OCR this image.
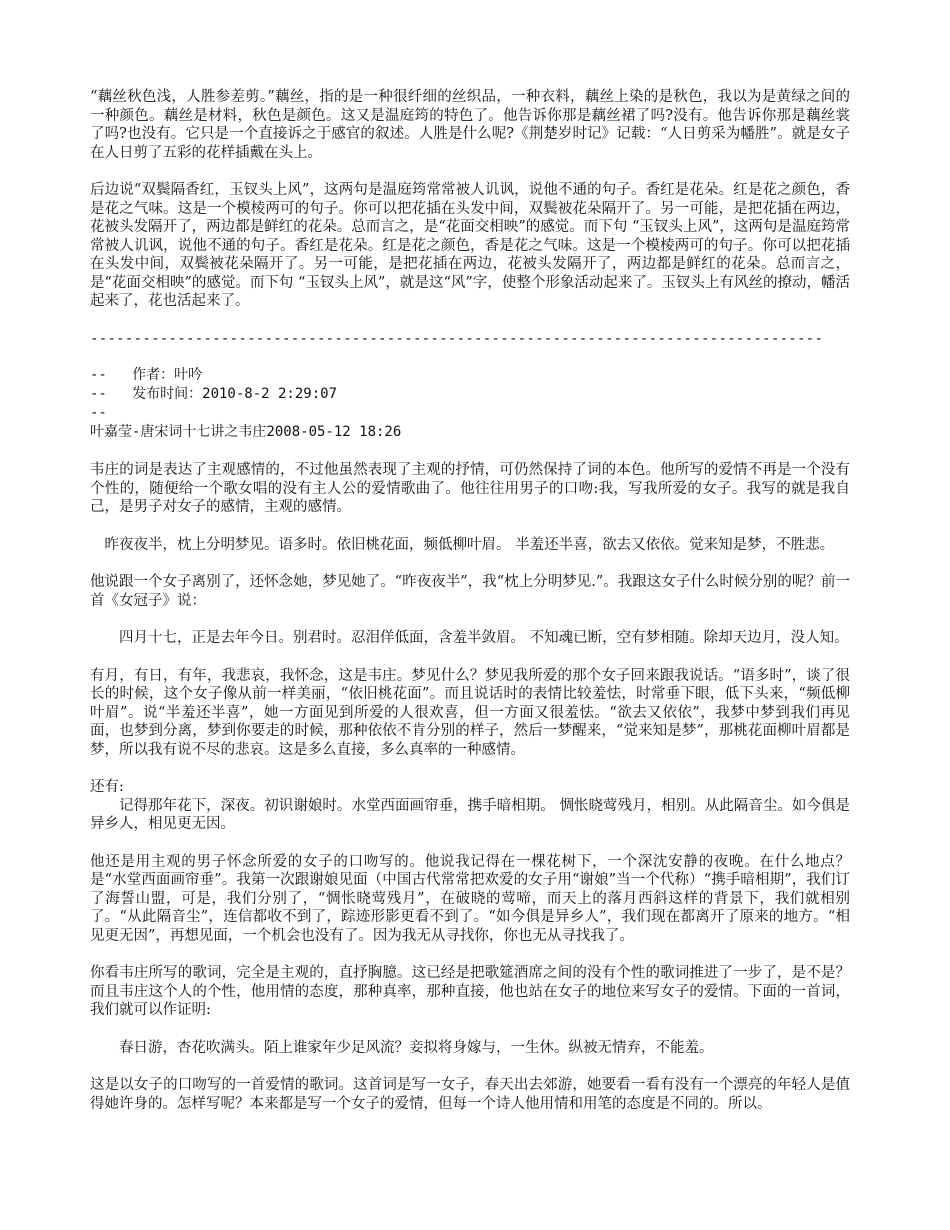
“藕丝秋色浅，人胜参差剪。”藕丝，指的是一种很纤细的丝织品，一种衣料，藕丝上染的是秋色，我以为是黄绿之间的一种颜色。藕丝是材料，秋色是颜色。这又是温庭筠的特色了。他告诉你那是藕丝裙了吗?没有。他告诉你那是藕丝裳了吗?也没有。它只是一个直接诉之于感官的叙述。人胜是什么呢?《荆楚岁时记》记载：“人日剪采为幡胜”。就是女子在人日剪了五彩的花样插戴在头上。

后边说“双鬓隔香红，玉钗头上风”，这两句是温庭筠常常被人讥讽，说他不通的句子。香红是花朵。红是花之颜色，香是花之气味。这是一个模棱两可的句子。你可以把花插在头发中间，双鬓被花朵隔开了。另一可能，是把花插在两边，花被头发隔开了，两边都是鲜红的花朵。总而言之，是“花面交相映”的感觉。而下句 “玉钗头上风”，这两句是温庭筠常常被人讥讽，说他不通的句子。香红是花朵。红是花之颜色，香是花之气味。这是一个模棱两可的句子。你可以把花插在头发中间，双鬓被花朵隔开了。另一可能，是把花插在两边，花被头发隔开了，两边都是鲜红的花朵。总而言之，是“花面交相映”的感觉。而下句 “玉钗头上风”，就是这“风”字，使整个形象活动起来了。玉钗头上有风丝的撩动，幡活起来了，花也活起来了。

------------------------------------------------------------------------------------
--   作者：叶吟
--   发布时间：2010-8-2 2:29:07
--
叶嘉莹-唐宋词十七讲之韦庄2008-05-12 18:26

韦庄的词是表达了主观感情的，不过他虽然表现了主观的抒情，可仍然保持了词的本色。他所写的爱情不再是一个没有个性的，随便给一个歌女唱的没有主人公的爱情歌曲了。他往往用男子的口吻:我，写我所爱的女子。我写的就是我自己，是男子对女子的感情，主观的感情。

昨夜夜半，枕上分明梦见。语多时。依旧桃花面，频低柳叶眉。 半羞还半喜，欲去又依依。觉来知是梦，不胜悲。

他说跟一个女子离别了，还怀念她，梦见她了。“昨夜夜半”，我“枕上分明梦见.”。我跟这女子什么时候分别的呢？前一首《女冠子》说：

四月十七，正是去年今日。别君时。忍泪佯低面，含羞半敛眉。 不知魂已断，空有梦相随。除却天边月，没人知。

有月，有日，有年，我悲哀，我怀念，这是韦庄。梦见什么？梦见我所爱的那个女子回来跟我说话。“语多时”，谈了很长的时候，这个女子像从前一样美丽，“依旧桃花面”。而且说话时的表情比较羞怯，时常垂下眼，低下头来，“频低柳叶眉”。说“半羞还半喜”，她一方面见到所爱的人很欢喜，但一方面又很羞怯。“欲去又依依”，我梦中梦到我们再见面，也梦到分离，梦到你要走的时候，那种依依不肯分别的样子，然后一梦醒来，“觉来知是梦”，那桃花面柳叶眉都是梦，所以我有说不尽的悲哀。这是多么直接，多么真率的一种感情。

还有:

记得那年花下，深夜。初识谢娘时。水堂西面画帘垂，携手暗相期。 惆怅晓莺残月，相别。从此隔音尘。如今俱是异乡人，相见更无因。

他还是用主观的男子怀念所爱的女子的口吻写的。他说我记得在一棵花树下，一个深沈安静的夜晚。在什么地点？是“水堂西面画帘垂”。我第一次跟谢娘见面（中国古代常常把欢爱的女子用“谢娘”当一个代称）“携手暗相期”，我们订了海誓山盟，可是，我们分别了，“惆怅晓莺残月”，在破晓的莺啼，而天上的落月西斜这样的背景下，我们就相别了。“从此隔音尘”，连信都收不到了，踪迹形影更看不到了。“如今俱是异乡人”，我们现在都离开了原来的地方。“相见更无因”，再想见面，一个机会也没有了。因为我无从寻找你，你也无从寻找我了。

你看韦庄所写的歌词，完全是主观的，直抒胸臆。这已经是把歌筵酒席之间的没有个性的歌词推进了一步了，是不是？而且韦庄这个人的个性，他用情的态度，那种真率，那种直接，他也站在女子的地位来写女子的爱情。下面的一首词，我们就可以作证明:

春日游，杏花吹满头。陌上谁家年少足风流？妾拟将身嫁与，一生休。纵被无情弃，不能羞。

这是以女子的口吻写的一首爱情的歌词。这首词是写一女子，春天出去郊游，她要看一看有没有一个漂亮的年轻人是值得她许身的。怎样写呢？本来都是写一个女子的爱情，但每一个诗人他用情和用笔的态度是不同的。所以。
